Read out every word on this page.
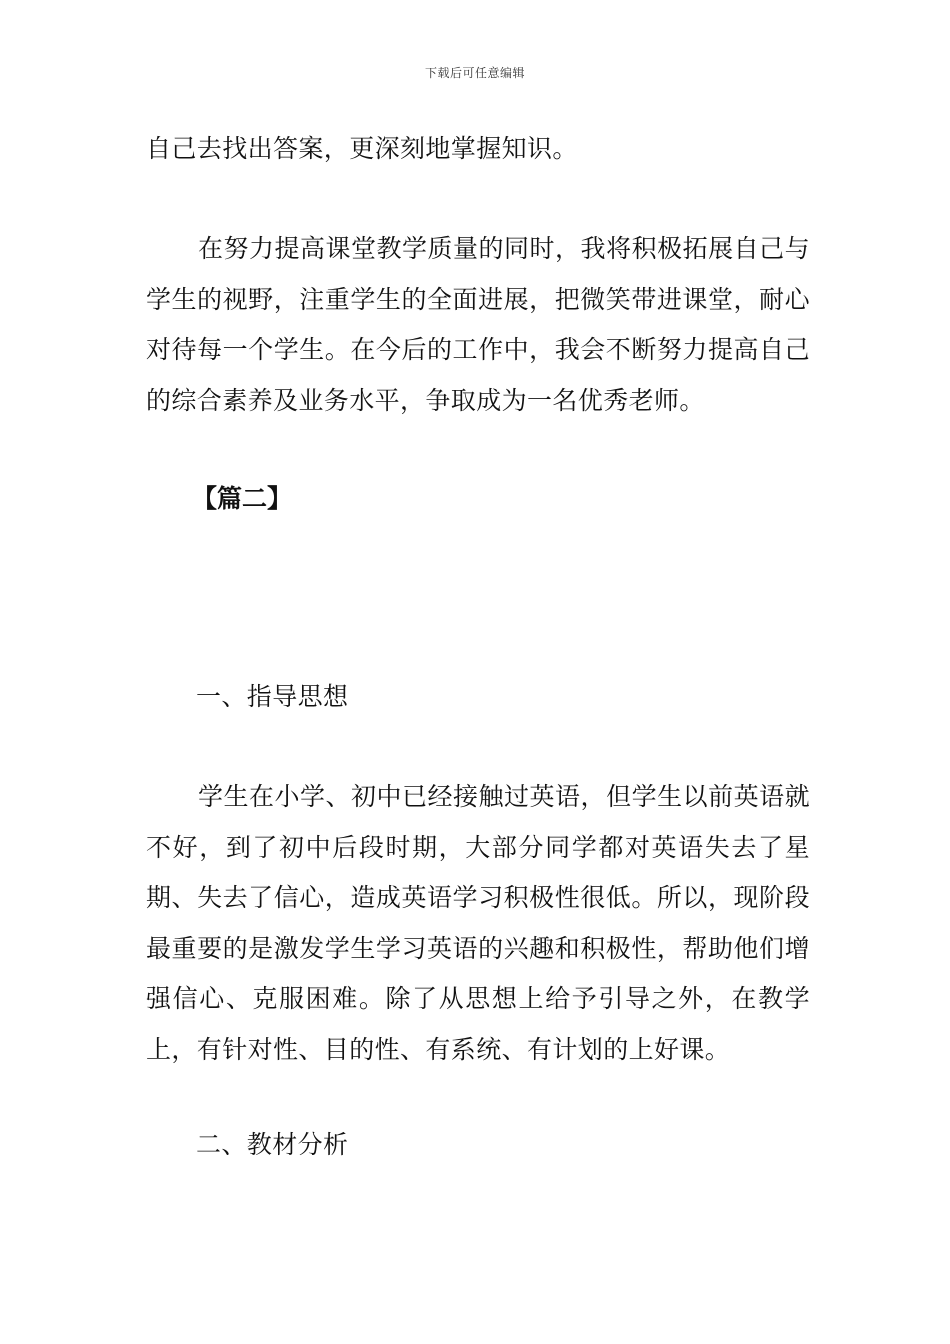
下载后可任意编辑
自己去找出答案，更深刻地掌握知识。
在努力提高课堂教学质量的同时，我将积极拓展自己与学生的视野，注重学生的全面进展，把微笑带进课堂，耐心对待每一个学生。在今后的工作中，我会不断努力提高自己的综合素养及业务水平，争取成为一名优秀老师。
【篇二】
一、指导思想
学生在小学、初中已经接触过英语，但学生以前英语就不好，到了初中后段时期，大部分同学都对英语失去了星期、失去了信心，造成英语学习积极性很低。所以，现阶段最重要的是激发学生学习英语的兴趣和积极性，帮助他们增强信心、克服困难。除了从思想上给予引导之外，在教学上，有针对性、目的性、有系统、有计划的上好课。
二、教材分析
